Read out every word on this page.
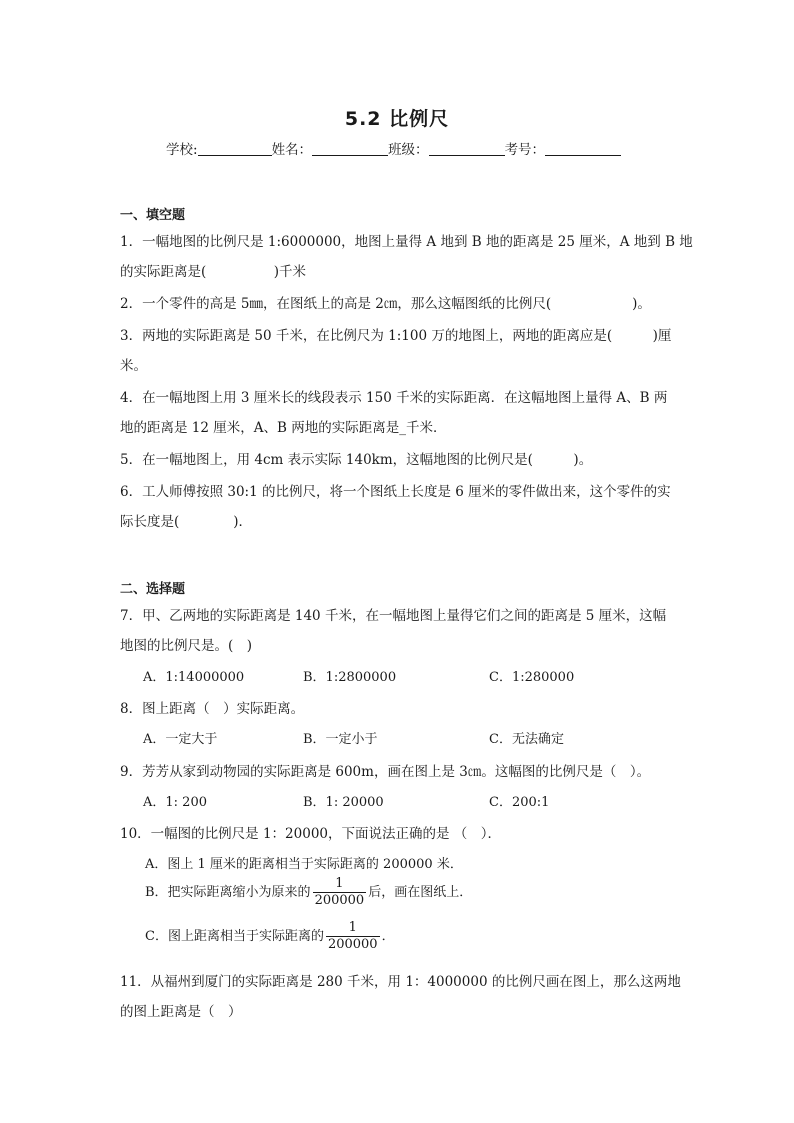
5.2 比例尺
学校:	姓名：	班级：	考号：
一、填空题
1．一幅地图的比例尺是 1:6000000，地图上量得 A 地到 B 地的距离是 25 厘米，A 地到 B 地
的实际距离是(　　　　　)千米
2．一个零件的高是 5㎜，在图纸上的高是 2㎝，那么这幅图纸的比例尺(　　　　　　)。
3．两地的实际距离是 50 千米，在比例尺为 1:100 万的地图上，两地的距离应是(　　　)厘
米。
4．在一幅地图上用 3 厘米长的线段表示 150 千米的实际距离．在这幅地图上量得 A、B 两
地的距离是 12 厘米，A、B 两地的实际距离是_千米．
5．在一幅地图上，用 4cm 表示实际 140km，这幅地图的比例尺是(　　　)。
6．工人师傅按照 30:1 的比例尺，将一个图纸上长度是 6 厘米的零件做出来，这个零件的实
际长度是(　　　　)．
二、选择题
7．甲、乙两地的实际距离是 140 千米，在一幅地图上量得它们之间的距离是 5 厘米，这幅
地图的比例尺是。(　)
A．1:14000000	B．1:2800000	C．1:280000
8．图上距离（　）实际距离。
A．一定大于	B．一定小于	C．无法确定
9．芳芳从家到动物园的实际距离是 600m，画在图上是 3㎝。这幅图的比例尺是（　）。
A．1: 200	B．1: 20000	C．200:1
10．一幅图的比例尺是 1：20000，下面说法正确的是 （　）．
A．图上 1 厘米的距离相当于实际距离的 200000 米．
B．把实际距离缩小为原来的 $\frac{1}{200000}$ 后，画在图纸上．
C．图上距离相当于实际距离的 $\frac{1}{200000}$ ．
11．从福州到厦门的实际距离是 280 千米，用 1：4000000 的比例尺画在图上，那么这两地
的图上距离是（　）
